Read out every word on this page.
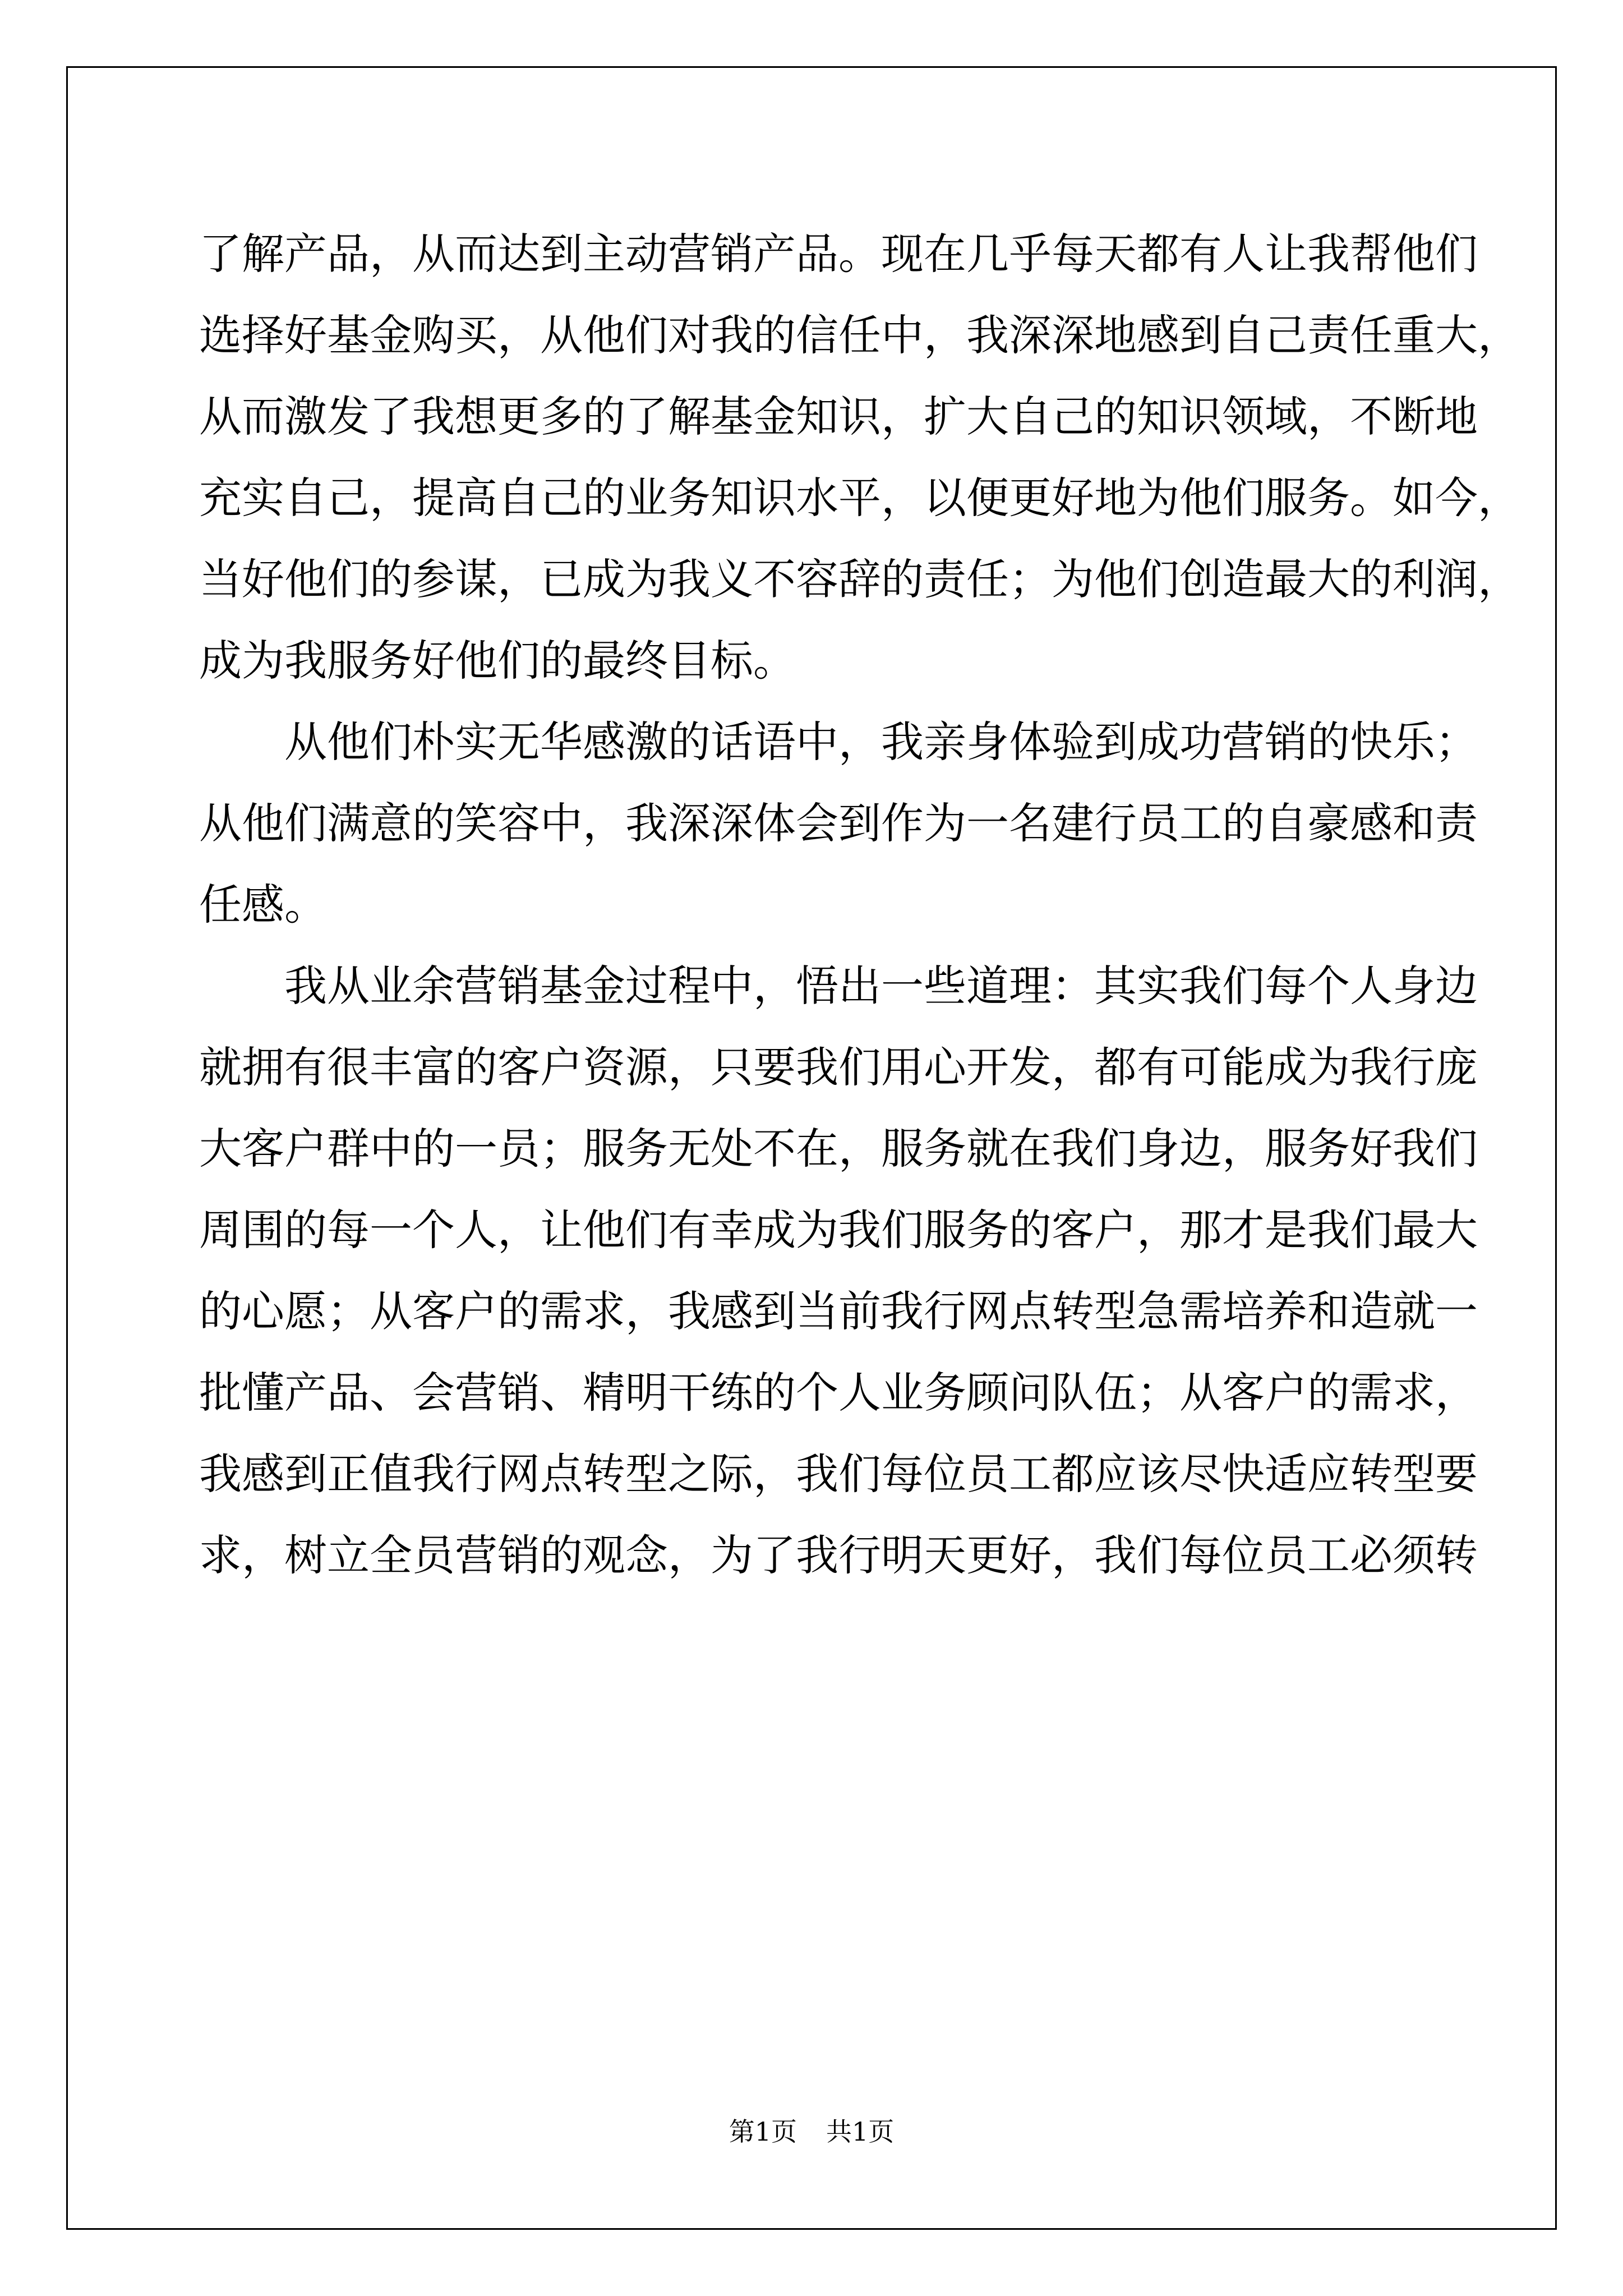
了解产品，从而达到主动营销产品。现在几乎每天都有人让我帮他们
选择好基金购买，从他们对我的信任中，我深深地感到自己责任重大，
从而激发了我想更多的了解基金知识，扩大自己的知识领域，不断地
充实自己，提高自己的业务知识水平，以便更好地为他们服务。如今，
当好他们的参谋，已成为我义不容辞的责任；为他们创造最大的利润，
成为我服务好他们的最终目标。
　　从他们朴实无华感激的话语中，我亲身体验到成功营销的快乐；
从他们满意的笑容中，我深深体会到作为一名建行员工的自豪感和责
任感。
　　我从业余营销基金过程中，悟出一些道理：其实我们每个人身边
就拥有很丰富的客户资源，只要我们用心开发，都有可能成为我行庞
大客户群中的一员；服务无处不在，服务就在我们身边，服务好我们
周围的每一个人，让他们有幸成为我们服务的客户，那才是我们最大
的心愿；从客户的需求，我感到当前我行网点转型急需培养和造就一
批懂产品、会营销、精明干练的个人业务顾问队伍；从客户的需求，
我感到正值我行网点转型之际，我们每位员工都应该尽快适应转型要
求，树立全员营销的观念，为了我行明天更好，我们每位员工必须转
第1页 共1页
